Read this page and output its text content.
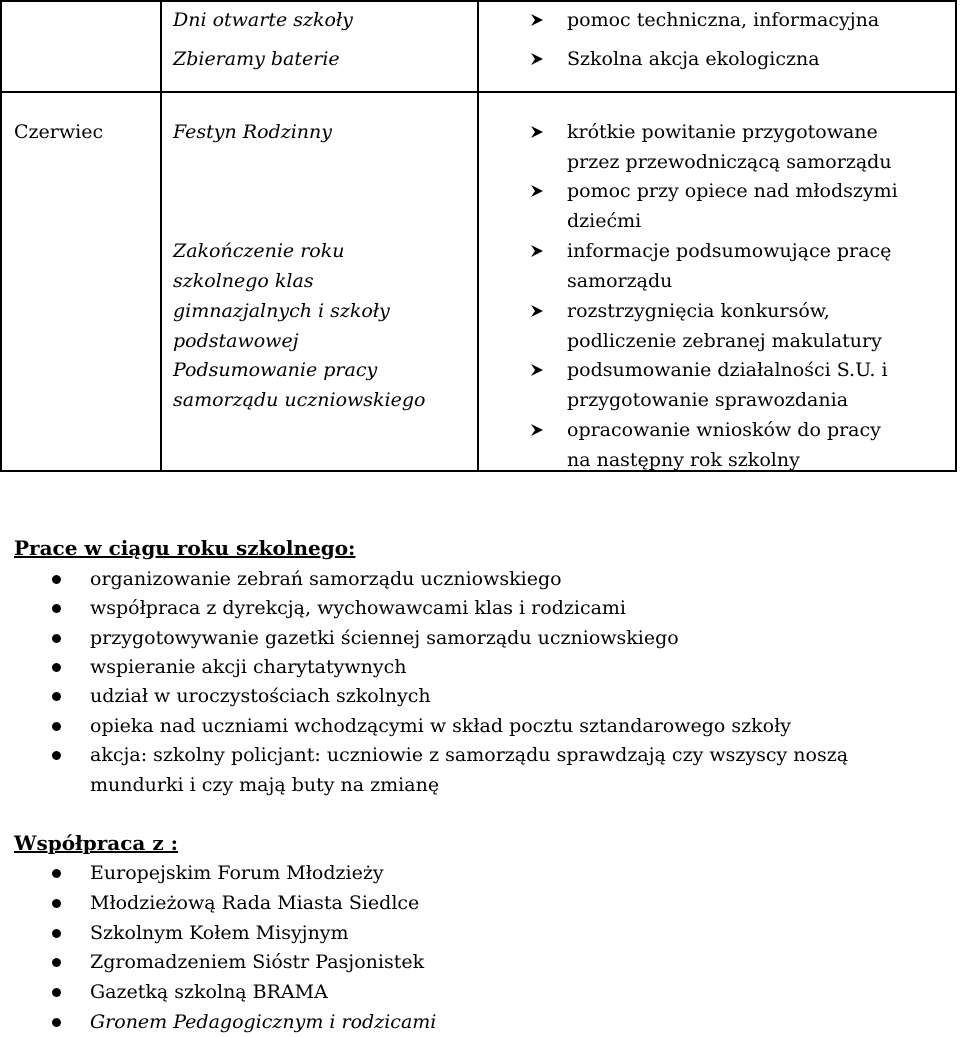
Dni otwarte szkoły
Zbieramy baterie
pomoc techniczna, informacyjna
Szkolna akcja ekologiczna
Czerwiec	Festyn Rodzinny
Zakończenie roku
szkolnego klas
gimnazjalnych i szkoły
podstawowej
Podsumowanie pracy
samorządu uczniowskiego
krótkie powitanie przygotowane
przez przewodniczącą samorządu
pomoc przy opiece nad młodszymi
dziećmi
informacje podsumowujące pracę
samorządu
rozstrzygnięcia konkursów,
podliczenie zebranej makulatury
podsumowanie działalności S.U. i
przygotowanie sprawozdania
opracowanie wniosków do pracy
na następny rok szkolny
Prace w ciągu roku szkolnego:
organizowanie zebrań samorządu uczniowskiego
współpraca z dyrekcją, wychowawcami klas i rodzicami
przygotowywanie gazetki ściennej samorządu uczniowskiego
wspieranie akcji charytatywnych
udział w uroczystościach szkolnych
opieka nad uczniami wchodzącymi w skład pocztu sztandarowego szkoły
akcja: szkolny policjant: uczniowie z samorządu sprawdzają czy wszyscy noszą
mundurki i czy mają buty na zmianę
Współpraca z :
Europejskim Forum Młodzieży
Młodzieżową Rada Miasta Siedlce
Szkolnym Kołem Misyjnym
Zgromadzeniem Sióstr Pasjonistek
Gazetką szkolną BRAMA
Gronem Pedagogicznym i rodzicami
